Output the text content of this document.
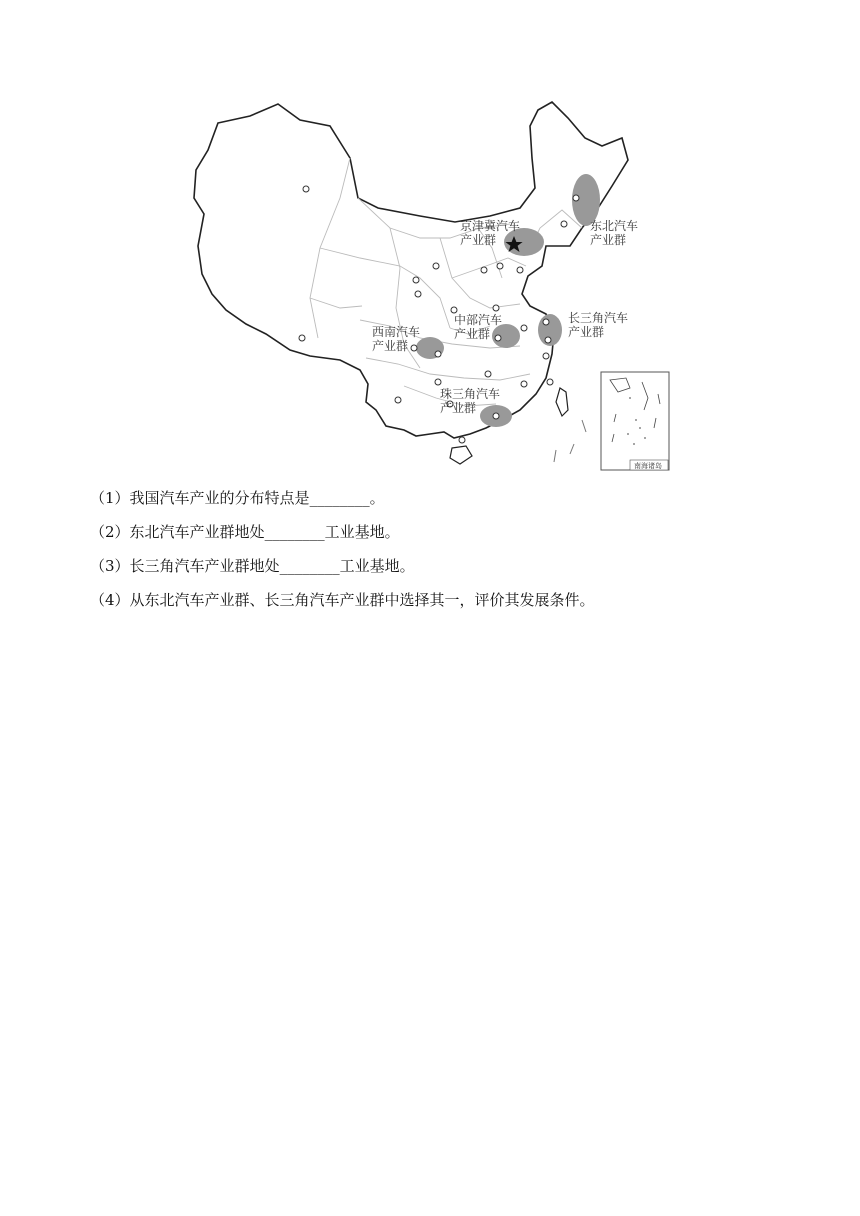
京津冀汽车
产业群
东北汽车
产业群
中部汽车
产业群
长三角汽车
产业群
西南汽车
产业群
珠三角汽车
产业群
南海诸岛
（1）我国汽车产业的分布特点是________。
（2）东北汽车产业群地处________工业基地。
（3）长三角汽车产业群地处________工业基地。
（4）从东北汽车产业群、长三角汽车产业群中选择其一，评价其发展条件。
